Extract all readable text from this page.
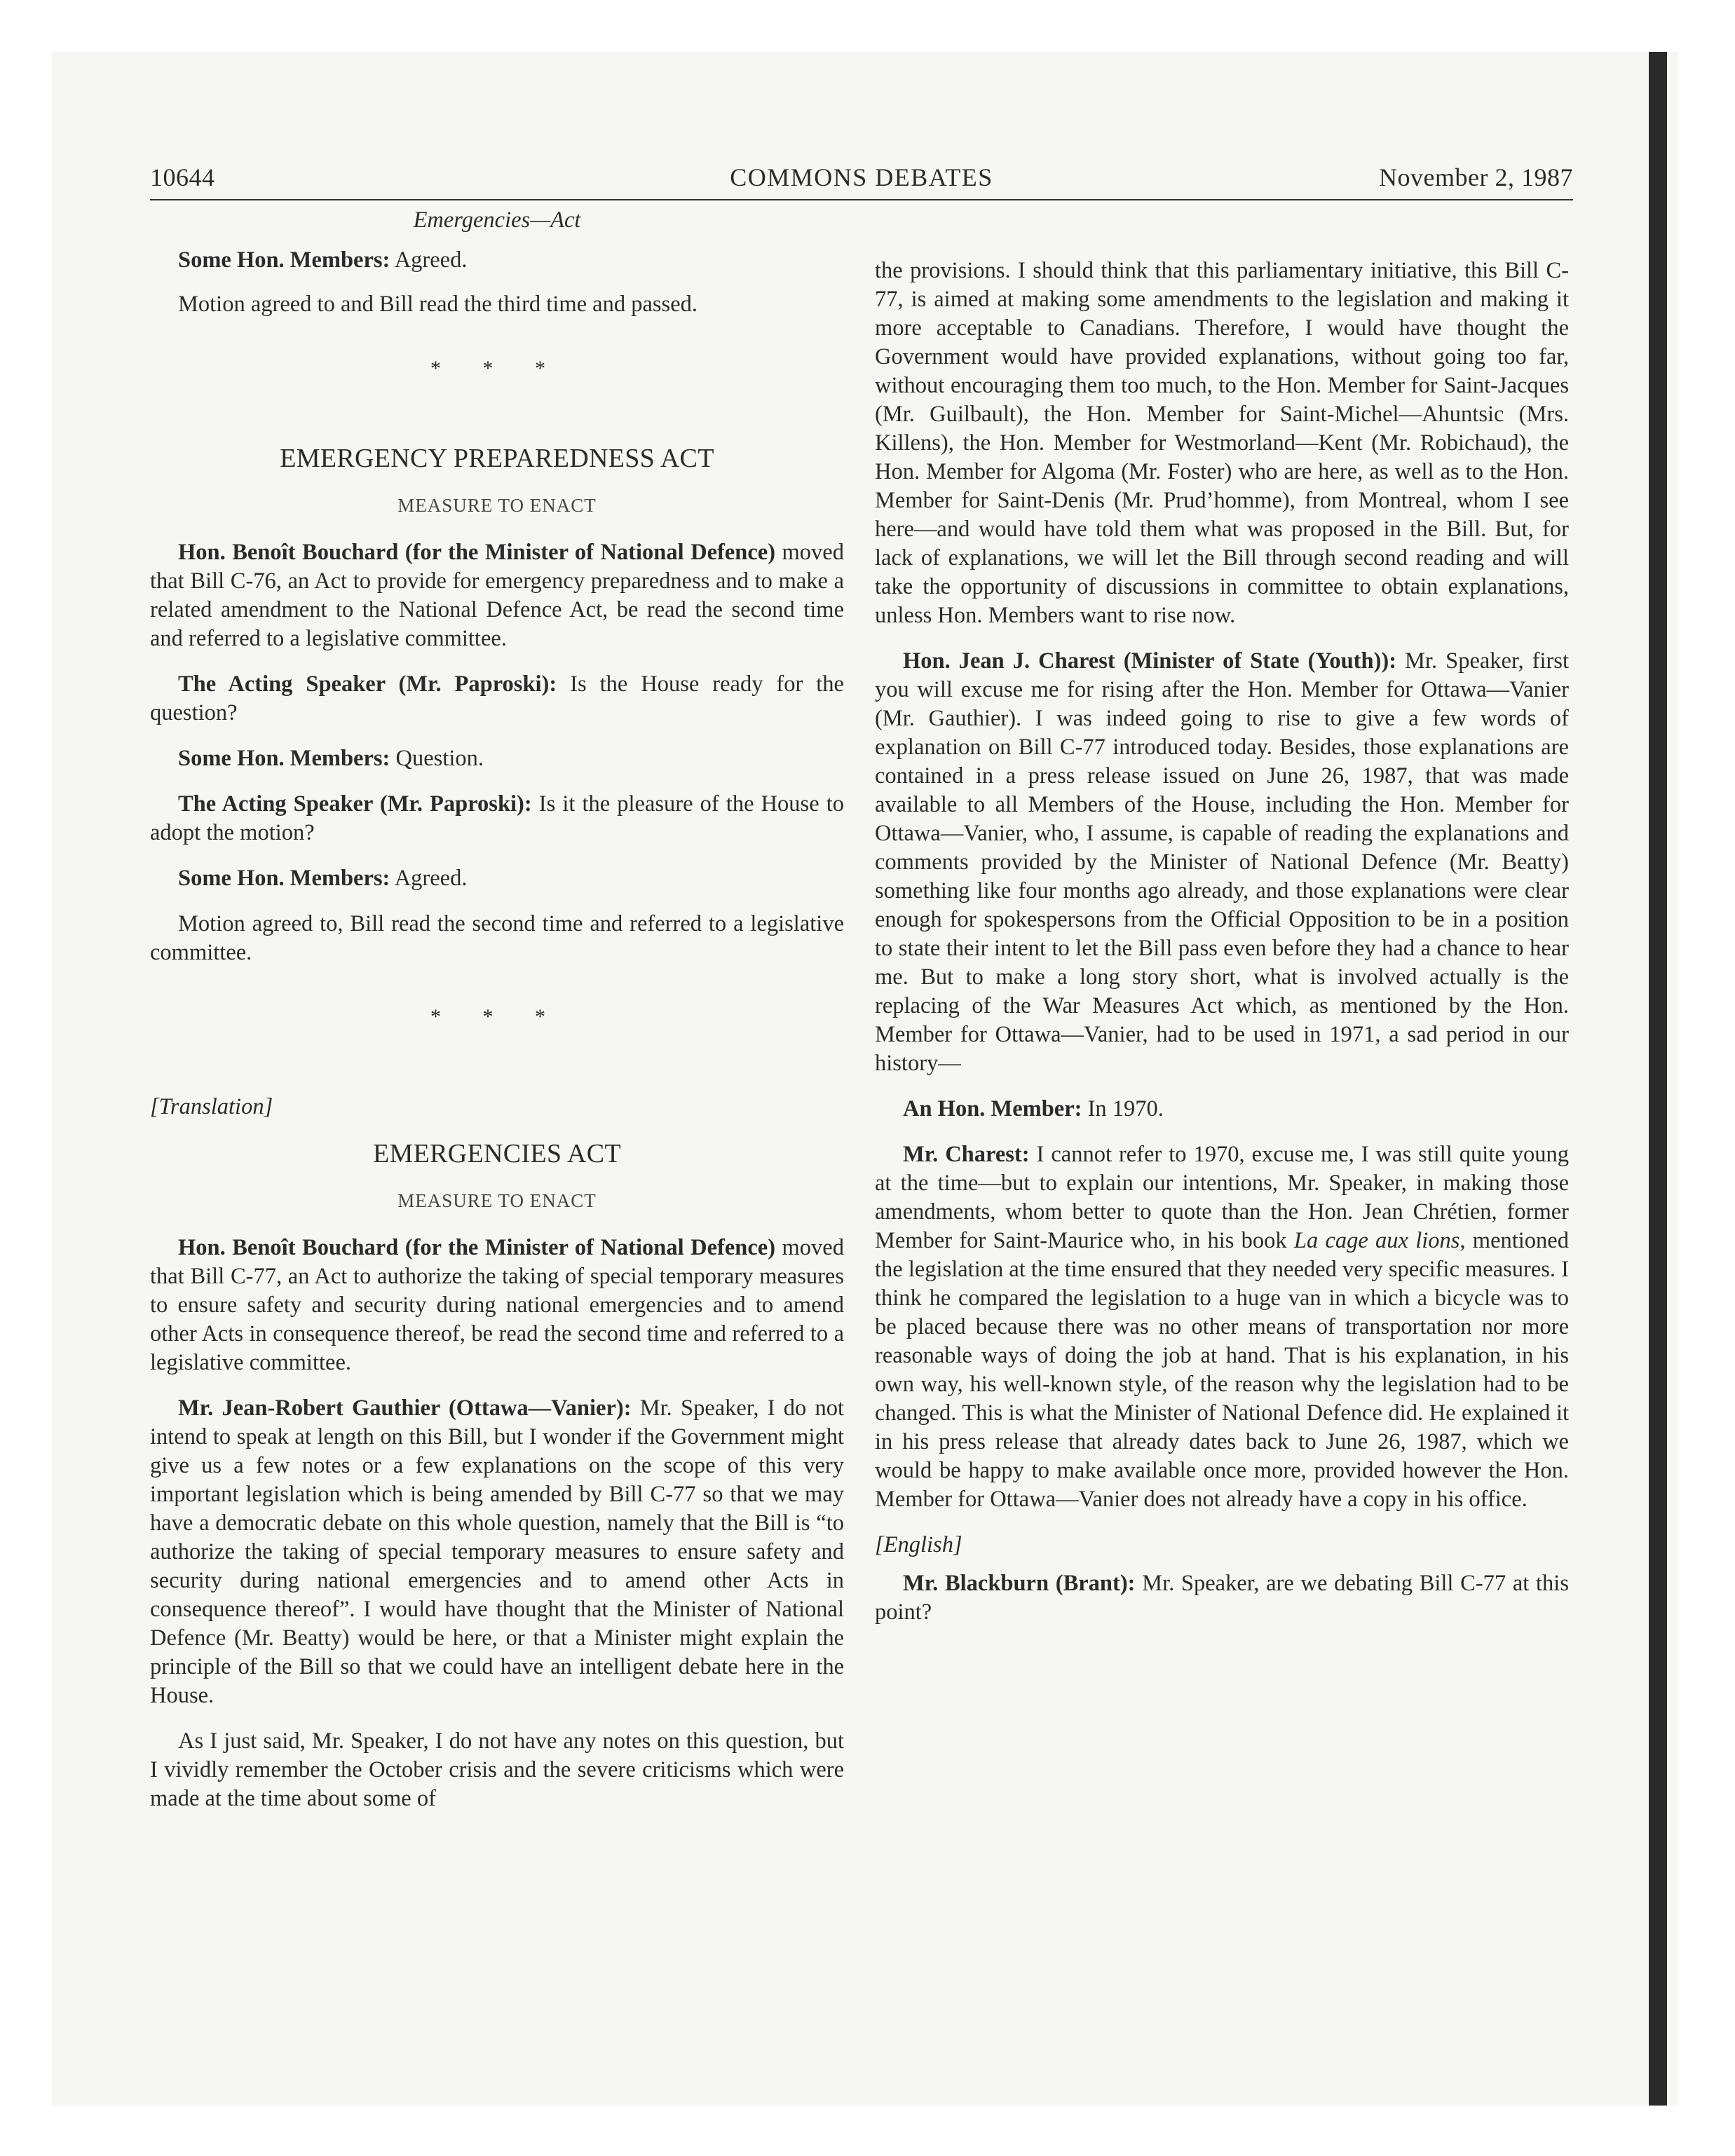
10644	COMMONS DEBATES	November 2, 1987
Emergencies—Act

Some Hon. Members: Agreed.

Motion agreed to and Bill read the third time and passed.

* * *
EMERGENCY PREPAREDNESS ACT
MEASURE TO ENACT

Hon. Benoît Bouchard (for the Minister of National Defence) moved that Bill C-76, an Act to provide for emergency preparedness and to make a related amendment to the National Defence Act, be read the second time and referred to a legislative committee.

The Acting Speaker (Mr. Paproski): Is the House ready for the question?

Some Hon. Members: Question.

The Acting Speaker (Mr. Paproski): Is it the pleasure of the House to adopt the motion?

Some Hon. Members: Agreed.

Motion agreed to, Bill read the second time and referred to a legislative committee.

* * *
[Translation]
EMERGENCIES ACT
MEASURE TO ENACT

Hon. Benoît Bouchard (for the Minister of National Defence) moved that Bill C-77, an Act to authorize the taking of special temporary measures to ensure safety and security during national emergencies and to amend other Acts in consequence thereof, be read the second time and referred to a legislative committee.

Mr. Jean-Robert Gauthier (Ottawa—Vanier): Mr. Speaker, I do not intend to speak at length on this Bill, but I wonder if the Government might give us a few notes or a few explanations on the scope of this very important legislation which is being amended by Bill C-77 so that we may have a democratic debate on this whole question, namely that the Bill is “to authorize the taking of special temporary measures to ensure safety and security during national emergencies and to amend other Acts in consequence thereof”. I would have thought that the Minister of National Defence (Mr. Beatty) would be here, or that a Minister might explain the principle of the Bill so that we could have an intelligent debate here in the House.

As I just said, Mr. Speaker, I do not have any notes on this question, but I vividly remember the October crisis and the severe criticisms which were made at the time about some of

the provisions. I should think that this parliamentary initiative, this Bill C-77, is aimed at making some amendments to the legislation and making it more acceptable to Canadians. Therefore, I would have thought the Government would have provided explanations, without going too far, without encouraging them too much, to the Hon. Member for Saint-Jacques (Mr. Guilbault), the Hon. Member for Saint-Michel—Ahuntsic (Mrs. Killens), the Hon. Member for Westmorland—Kent (Mr. Robichaud), the Hon. Member for Algoma (Mr. Foster) who are here, as well as to the Hon. Member for Saint-Denis (Mr. Prud’homme), from Montreal, whom I see here—and would have told them what was proposed in the Bill. But, for lack of explanations, we will let the Bill through second reading and will take the opportunity of discussions in committee to obtain explanations, unless Hon. Members want to rise now.

Hon. Jean J. Charest (Minister of State (Youth)): Mr. Speaker, first you will excuse me for rising after the Hon. Member for Ottawa—Vanier (Mr. Gauthier). I was indeed going to rise to give a few words of explanation on Bill C-77 introduced today. Besides, those explanations are contained in a press release issued on June 26, 1987, that was made available to all Members of the House, including the Hon. Member for Ottawa—Vanier, who, I assume, is capable of reading the explanations and comments provided by the Minister of National Defence (Mr. Beatty) something like four months ago already, and those explanations were clear enough for spokespersons from the Official Opposition to be in a position to state their intent to let the Bill pass even before they had a chance to hear me. But to make a long story short, what is involved actually is the replacing of the War Measures Act which, as mentioned by the Hon. Member for Ottawa—Vanier, had to be used in 1971, a sad period in our history—

An Hon. Member: In 1970.

Mr. Charest: I cannot refer to 1970, excuse me, I was still quite young at the time—but to explain our intentions, Mr. Speaker, in making those amendments, whom better to quote than the Hon. Jean Chrétien, former Member for Saint-Maurice who, in his book La cage aux lions, mentioned the legislation at the time ensured that they needed very specific measures. I think he compared the legislation to a huge van in which a bicycle was to be placed because there was no other means of transportation nor more reasonable ways of doing the job at hand. That is his explanation, in his own way, his well-known style, of the reason why the legislation had to be changed. This is what the Minister of National Defence did. He explained it in his press release that already dates back to June 26, 1987, which we would be happy to make available once more, provided however the Hon. Member for Ottawa—Vanier does not already have a copy in his office.

[English]

Mr. Blackburn (Brant): Mr. Speaker, are we debating Bill C-77 at this point?
